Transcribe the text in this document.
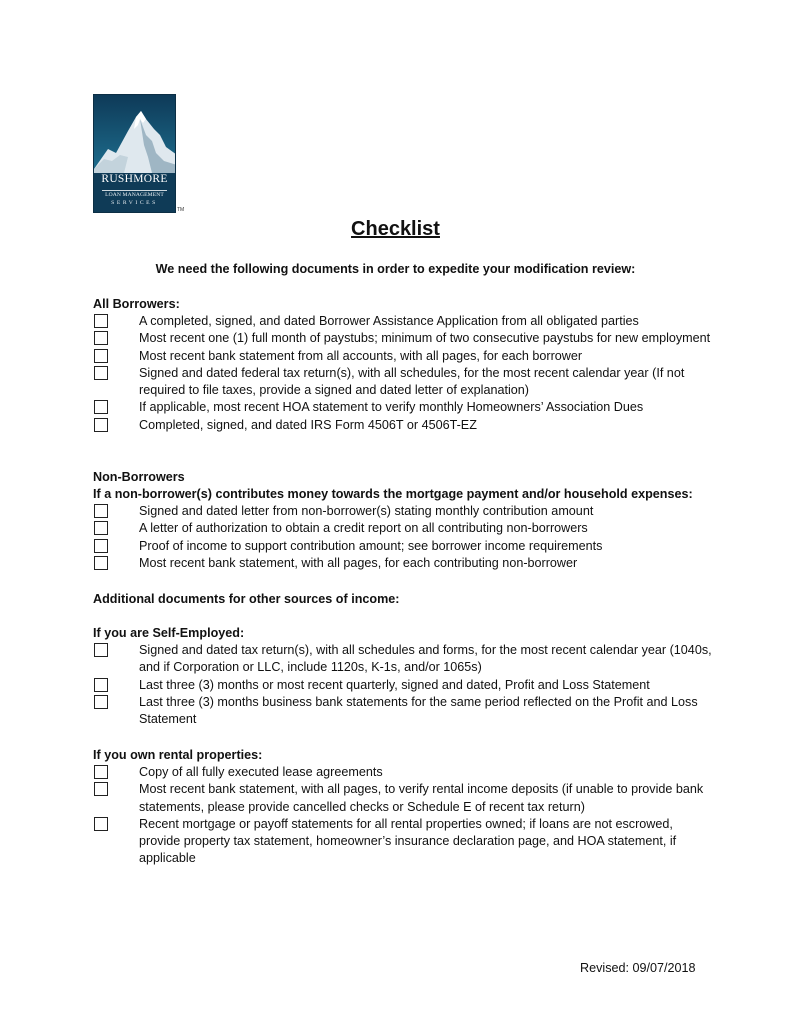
RUSHMORE
LOAN MANAGEMENT
SERVICES
TM
Checklist
We need the following documents in order to expedite your modification review:
All Borrowers:
A completed, signed, and dated Borrower Assistance Application from all obligated parties
Most recent one (1) full month of paystubs; minimum of two consecutive paystubs for new employment
Most recent bank statement from all accounts, with all pages, for each borrower
Signed and dated federal tax return(s), with all schedules, for the most recent calendar year (If not required to file taxes, provide a signed and dated letter of explanation)
If applicable, most recent HOA statement to verify monthly Homeowners’ Association Dues
Completed, signed, and dated IRS Form 4506T or 4506T-EZ
Non-Borrowers
If a non-borrower(s) contributes money towards the mortgage payment and/or household expenses:
Signed and dated letter from non-borrower(s) stating monthly contribution amount
A letter of authorization to obtain a credit report on all contributing non-borrowers
Proof of income to support contribution amount; see borrower income requirements
Most recent bank statement, with all pages, for each contributing non-borrower
Additional documents for other sources of income:
If you are Self-Employed:
Signed and dated tax return(s), with all schedules and forms, for the most recent calendar year (1040s, and if Corporation or LLC, include 1120s, K-1s, and/or 1065s)
Last three (3) months or most recent quarterly, signed and dated, Profit and Loss Statement
Last three (3) months business bank statements for the same period reflected on the Profit and Loss Statement
If you own rental properties:
Copy of all fully executed lease agreements
Most recent bank statement, with all pages, to verify rental income deposits (if unable to provide bank statements, please provide cancelled checks or Schedule E of recent tax return)
Recent mortgage or payoff statements for all rental properties owned; if loans are not escrowed, provide property tax statement, homeowner’s insurance declaration page, and HOA statement, if applicable
Revised: 09/07/2018
